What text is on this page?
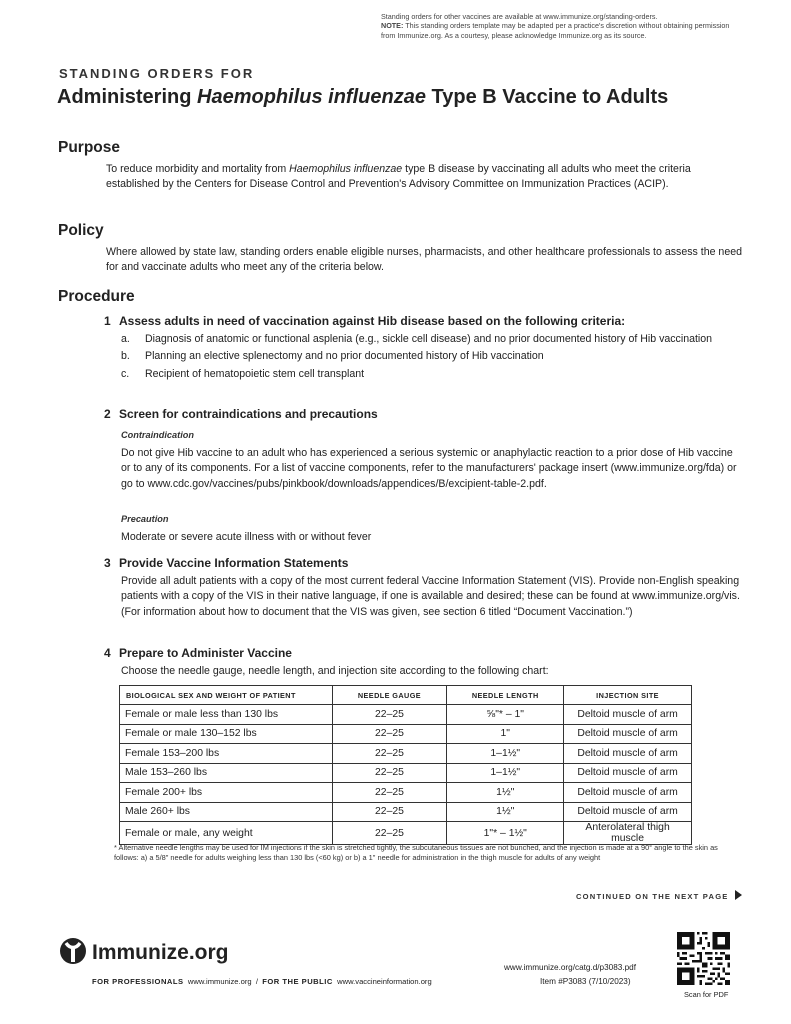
Standing orders for other vaccines are available at www.immunize.org/standing-orders.
NOTE: This standing orders template may be adapted per a practice's discretion without obtaining permission from Immunize.org. As a courtesy, please acknowledge Immunize.org as its source.
STANDING ORDERS FOR
Administering Haemophilus influenzae Type B Vaccine to Adults
Purpose
To reduce morbidity and mortality from Haemophilus influenzae type B disease by vaccinating all adults who meet the criteria established by the Centers for Disease Control and Prevention's Advisory Committee on Immunization Practices (ACIP).
Policy
Where allowed by state law, standing orders enable eligible nurses, pharmacists, and other healthcare professionals to assess the need for and vaccinate adults who meet any of the criteria below.
Procedure
1 Assess adults in need of vaccination against Hib disease based on the following criteria:
a. Diagnosis of anatomic or functional asplenia (e.g., sickle cell disease) and no prior documented history of Hib vaccination
b. Planning an elective splenectomy and no prior documented history of Hib vaccination
c. Recipient of hematopoietic stem cell transplant
2 Screen for contraindications and precautions
Contraindication
Do not give Hib vaccine to an adult who has experienced a serious systemic or anaphylactic reaction to a prior dose of Hib vaccine or to any of its components. For a list of vaccine components, refer to the manufacturers' package insert (www.immunize.org/fda) or go to www.cdc.gov/vaccines/pubs/pinkbook/downloads/appendices/B/excipient-table-2.pdf.
Precaution
Moderate or severe acute illness with or without fever
3 Provide Vaccine Information Statements
Provide all adult patients with a copy of the most current federal Vaccine Information Statement (VIS). Provide non-English speaking patients with a copy of the VIS in their native language, if one is available and desired; these can be found at www.immunize.org/vis. (For information about how to document that the VIS was given, see section 6 titled “Document Vaccination.”)
4 Prepare to Administer Vaccine
Choose the needle gauge, needle length, and injection site according to the following chart:
BIOLOGICAL SEX AND WEIGHT OF PATIENT	NEEDLE GAUGE	NEEDLE LENGTH	INJECTION SITE
Female or male less than 130 lbs	22–25	⅝"* – 1"	Deltoid muscle of arm
Female or male 130–152 lbs	22–25	1"	Deltoid muscle of arm
Female 153–200 lbs	22–25	1–1½"	Deltoid muscle of arm
Male 153–260 lbs	22–25	1–1½"	Deltoid muscle of arm
Female 200+ lbs	22–25	1½"	Deltoid muscle of arm
Male 260+ lbs	22–25	1½"	Deltoid muscle of arm
Female or male, any weight	22–25	1"* – 1½"	Anterolateral thigh muscle
* Alternative needle lengths may be used for IM injections if the skin is stretched tightly, the subcutaneous tissues are not bunched, and the injection is made at a 90° angle to the skin as follows: a) a 5/8" needle for adults weighing less than 130 lbs (<60 kg) or b) a 1" needle for administration in the thigh muscle for adults of any weight
CONTINUED ON THE NEXT PAGE
Immunize.org
FOR PROFESSIONALS www.immunize.org / FOR THE PUBLIC www.vaccineinformation.org
www.immunize.org/catg.d/p3083.pdf
Item #P3083 (7/10/2023)
Scan for PDF
